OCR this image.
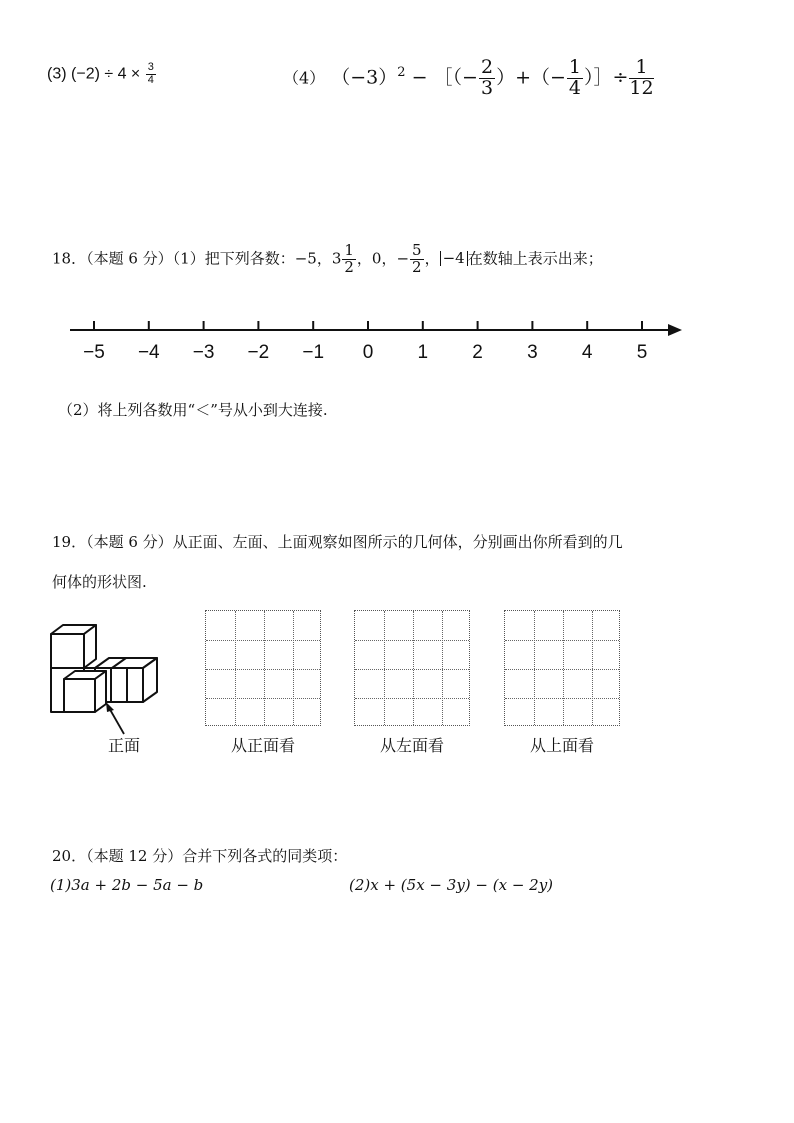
(3) $(-2) \div 4 \times \frac{3}{4}$	（4） $(-3)^2$ − ［（− $\frac{2}{3}$ ）+（− $\frac{1}{4}$ ）］÷ $\frac{1}{12}$
18．（本题 6 分）（1）把下列各数：−5，$3 \frac{1}{2}$ ，0，− $\frac{5}{2}$ ， −4 在数轴上表示出来；
−5	−4	−3	−2	−1	0	1	2	3	4	5
（2）将上列各数用“＜”号从小到大连接.
19．（本题 6 分）从正面、左面、上面观察如图所示的几何体，分别画出你所看到的几
何体的形状图.
正面	从正面看	从左面看	从上面看
20．（本题 12 分）合并下列各式的同类项：
(1)3a + 2b − 5a − b	(2)x + (5x − 3y) − (x − 2y)
